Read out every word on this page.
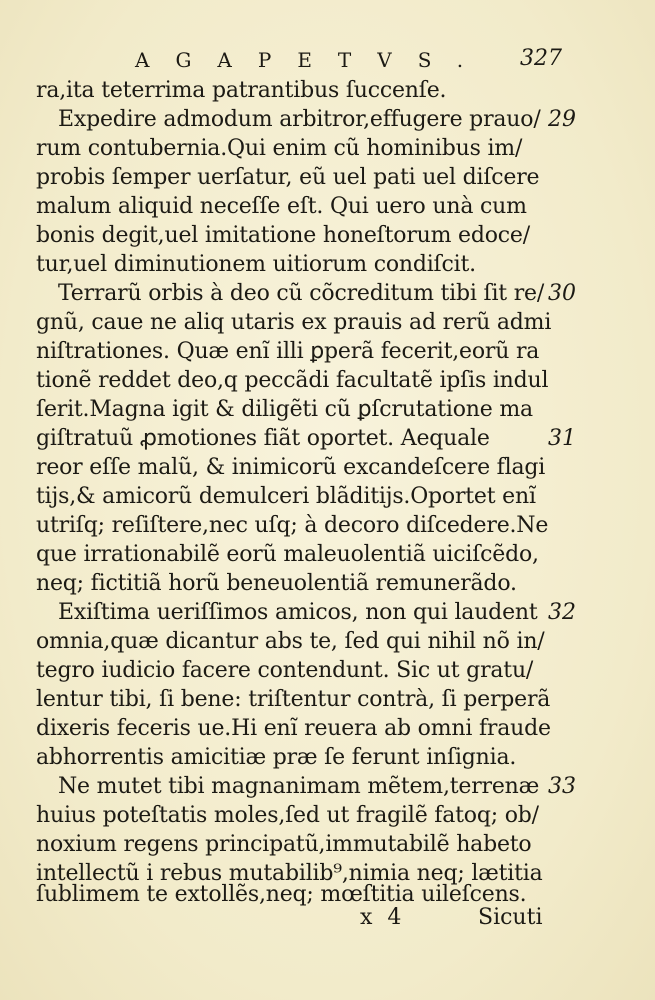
AGAPETVS. 327
ra,ita teterrima patrantibus ſuccenſe.
Expedire admodum arbitror,effugere prauo/
rum contubernia.Qui enim cũ hominibus im/
probis ſemper uerſatur, eũ uel pati uel diſcere
malum aliquid neceſſe eſt. Qui uero unà cum
bonis degit,uel imitatione honeſtorum edoce/
tur,uel diminutionem uitiorum condiſcit.
Terrarũ orbis à deo cũ cõcreditum tibi ſit re/
gnũ, caue ne aliq utaris ex prauis ad rerũ admi
niſtrationes. Quæ enĩ illi ꝑperã fecerit,eorũ ra
tionẽ reddet deo,q peccãdi facultatẽ ipſis indul
ſerit.Magna igit & diligẽti cũ ꝑſcrutatione ma
giſtratuũ ꝓmotiones fiãt oportet. Aequale
reor eſſe malũ, & inimicorũ excandeſcere flagi
tijs,& amicorũ demulceri blãditijs.Oportet enĩ
utriſq; reſiſtere,nec uſq; à decoro diſcedere.Ne
que irrationabilẽ eorũ maleuolentiã uiciſcẽdo,
neq; fictitiã horũ beneuolentiã remunerãdo.
Exiſtima ueriſſimos amicos, non qui laudent
omnia,quæ dicantur abs te, ſed qui nihil nõ in/
tegro iudicio facere contendunt. Sic ut gratu/
lentur tibi, ſi bene: triſtentur contrà, ſi perperã
dixeris feceris ue.Hi enĩ reuera ab omni fraude
abhorrentis amicitiæ præ ſe ferunt inſignia.
Ne mutet tibi magnanimam mẽtem,terrenæ
huius poteſtatis moles,ſed ut fragilẽ fatoq; ob/
noxium regens principatũ,immutabilẽ habeto
intellectũ i rebus mutabilib⁹,nimia neq; lætitia
ſublimem te extollẽs,neq; mœſtitia uileſcens.
29
30
31
32
33
x 4	Sicuti
